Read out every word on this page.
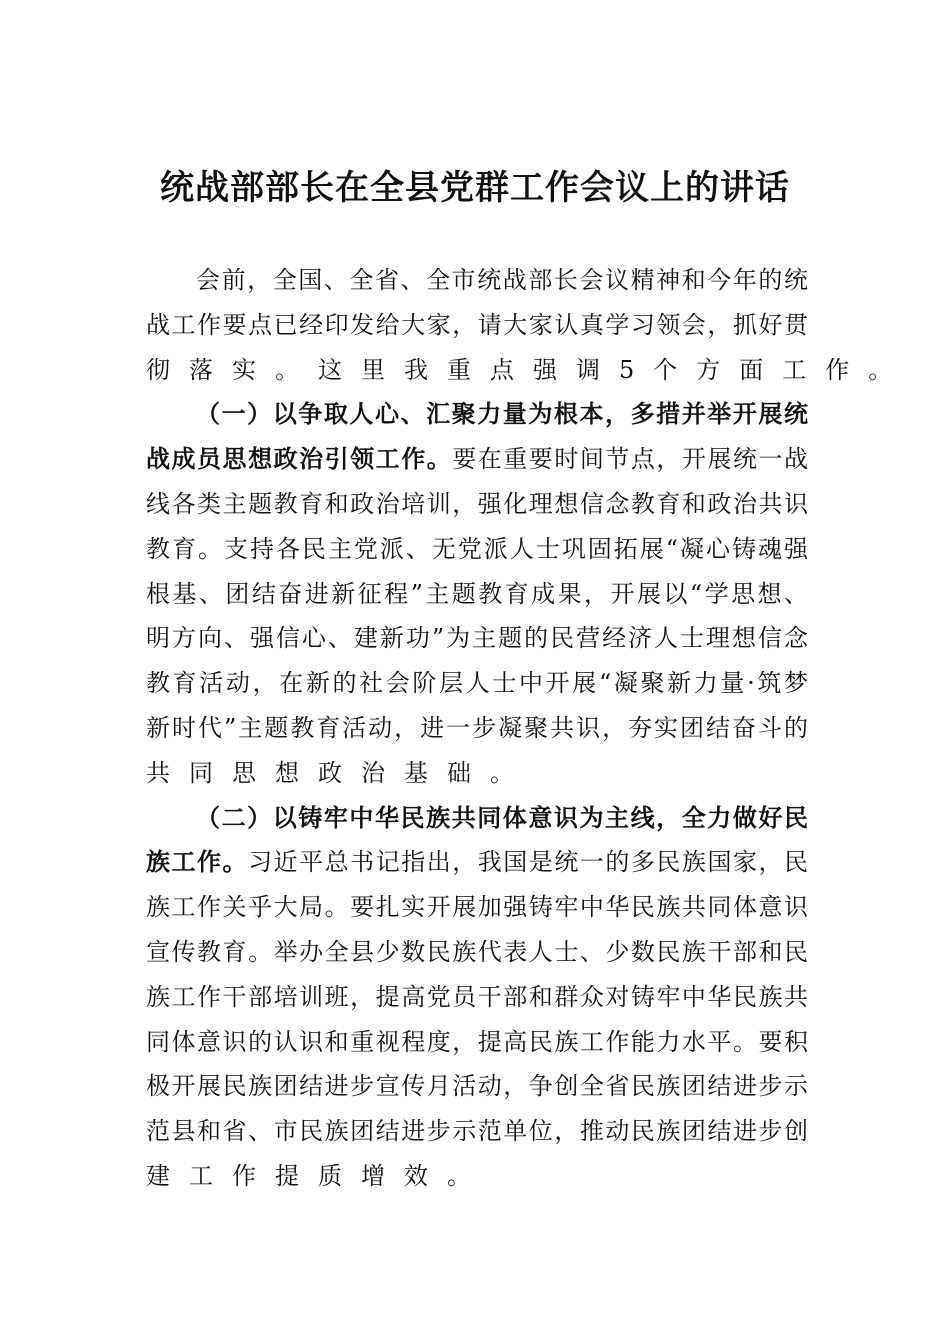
统战部部长在全县党群工作会议上的讲话
会前，全国、全省、全市统战部长会议精神和今年的统
战工作要点已经印发给大家，请大家认真学习领会，抓好贯
彻落实。这里我重点强调5个方面工作。
（一）以争取人心、汇聚力量为根本，多措并举开展统
战成员思想政治引领工作。要在重要时间节点，开展统一战
线各类主题教育和政治培训，强化理想信念教育和政治共识
教育。支持各民主党派、无党派人士巩固拓展“凝心铸魂强
根基、团结奋进新征程”主题教育成果，开展以“学思想、
明方向、强信心、建新功”为主题的民营经济人士理想信念
教育活动，在新的社会阶层人士中开展“凝聚新力量·筑梦
新时代”主题教育活动，进一步凝聚共识，夯实团结奋斗的
共同思想政治基础。
（二）以铸牢中华民族共同体意识为主线，全力做好民
族工作。习近平总书记指出，我国是统一的多民族国家，民
族工作关乎大局。要扎实开展加强铸牢中华民族共同体意识
宣传教育。举办全县少数民族代表人士、少数民族干部和民
族工作干部培训班，提高党员干部和群众对铸牢中华民族共
同体意识的认识和重视程度，提高民族工作能力水平。要积
极开展民族团结进步宣传月活动，争创全省民族团结进步示
范县和省、市民族团结进步示范单位，推动民族团结进步创
建工作提质增效。
